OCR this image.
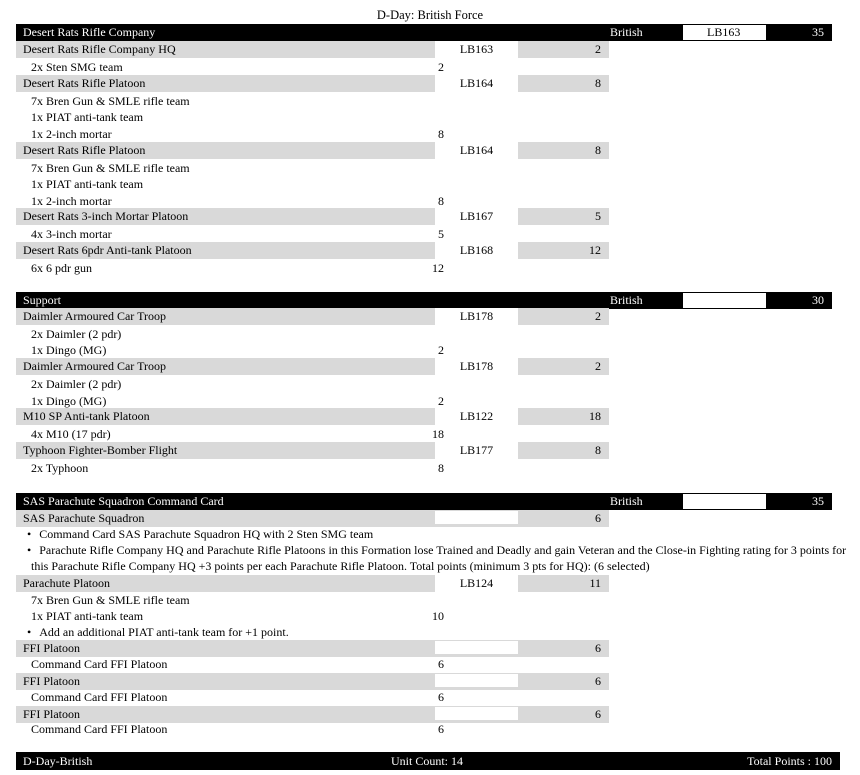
D-Day: British Force
Desert Rats Rifle Company	British	LB163	35
Desert Rats Rifle Company HQ	LB163	2
2x Sten SMG team	2
Desert Rats Rifle Platoon	LB164	8
7x Bren Gun & SMLE rifle team
1x PIAT anti-tank team
1x 2-inch mortar	8
Desert Rats Rifle Platoon	LB164	8
7x Bren Gun & SMLE rifle team
1x PIAT anti-tank team
1x 2-inch mortar	8
Desert Rats 3-inch Mortar Platoon	LB167	5
4x 3-inch mortar	5
Desert Rats 6pdr Anti-tank Platoon	LB168	12
6x 6 pdr gun	12
Support	British	30
Daimler Armoured Car Troop	LB178	2
2x Daimler (2 pdr)
1x Dingo (MG)	2
Daimler Armoured Car Troop	LB178	2
2x Daimler (2 pdr)
1x Dingo (MG)	2
M10 SP Anti-tank Platoon	LB122	18
4x M10 (17 pdr)	18
Typhoon Fighter-Bomber Flight	LB177	8
2x Typhoon	8
SAS Parachute Squadron Command Card	British	35
SAS Parachute Squadron	6
• Command Card SAS Parachute Squadron HQ with 2 Sten SMG team
• Parachute Rifle Company HQ and Parachute Rifle Platoons in this Formation lose Trained and Deadly and gain Veteran and the Close-in Fighting rating for 3 points for
this Parachute Rifle Company HQ +3 points per each Parachute Rifle Platoon. Total points (minimum 3 pts for HQ): (6 selected)
Parachute Platoon	LB124	11
7x Bren Gun & SMLE rifle team
1x PIAT anti-tank team	10
• Add an additional PIAT anti-tank team for +1 point.
FFI Platoon	6
Command Card FFI Platoon	6
FFI Platoon	6
Command Card FFI Platoon	6
FFI Platoon	6
Command Card FFI Platoon	6
D-Day-British	Unit Count: 14	Total Points : 100
